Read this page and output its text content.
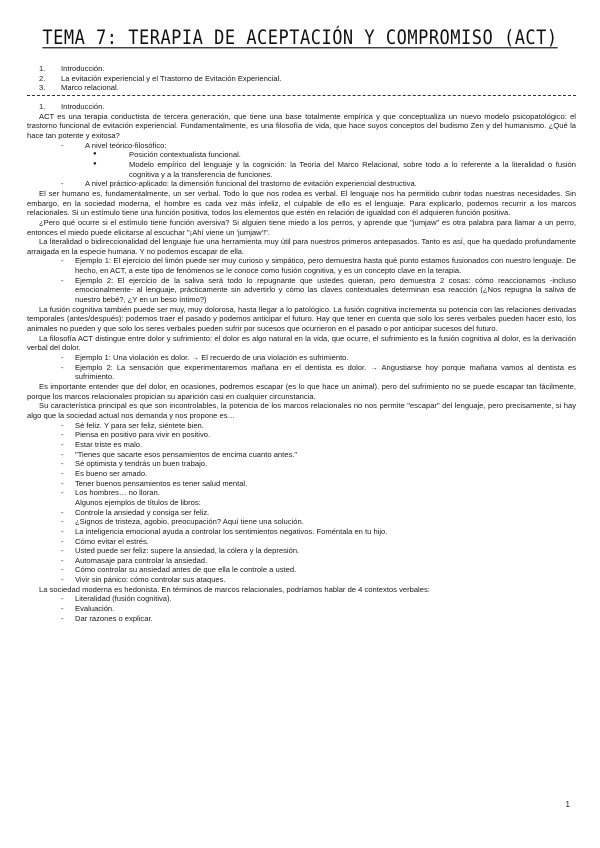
TEMA 7: TERAPIA DE ACEPTACIÓN Y COMPROMISO (ACT)
1. Introducción.
2. La evitación experiencial y el Trastorno de Evitación Experiencial.
3. Marco relacional.
1. Introducción.

ACT es una terapia conductista de tercera generación, que tiene una base totalmente empírica y que conceptualiza un nuevo modelo psicopatológico: el trastorno funcional de evitación experiencial. Fundamentalmente, es una filosofía de vida, que hace suyos conceptos del budismo Zen y del humanismo. ¿Qué la hace tan potente y exitosa?

- A nivel teórico-filosófico:
● Posición contextualista funcional.
● Modelo empírico del lenguaje y la cognición: la Teoría del Marco Relacional, sobre todo a lo referente a la literalidad o fusión cognitiva y a la transferencia de funciones.
- A nivel práctico-aplicado: la dimensión funcional del trastorno de evitación experiencial destructiva.

El ser humano es, fundamentalmente, un ser verbal. Todo lo que nos rodea es verbal. El lenguaje nos ha permitido cubrir todas nuestras necesidades. Sin embargo, en la sociedad moderna, el hombre es cada vez más infeliz, el culpable de ello es el lenguaje. Para explicarlo, podemos recurrir a los marcos relacionales. Si un estímulo tiene una función positiva, todos los elementos que estén en relación de igualdad con él adquieren función positiva.

¿Pero qué ocurre si el estímulo tiene función aversiva? Si alguien tiene miedo a los perros, y aprende que "jumjaw" es otra palabra para llamar a un perro, entonces el miedo puede elicitarse al escuchar "¡Ahí viene un 'jumjaw'!".

La literalidad o bidireccionalidad del lenguaje fue una herramienta muy útil para nuestros primeros antepasados. Tanto es así, que ha quedado profundamente arraigada en la especie humana. Y no podemos escapar de ella.

- Ejemplo 1: El ejercicio del limón puede ser muy curioso y simpático, pero demuestra hasta qué punto estamos fusionados con nuestro lenguaje. De hecho, en ACT, a este tipo de fenómenos se le conoce como fusión cognitiva, y es un concepto clave en la terapia.
- Ejemplo 2: El ejercicio de la saliva será todo lo repugnante que ustedes quieran, pero demuestra 2 cosas: cómo reaccionamos -incluso emocionalmente- al lenguaje, prácticamente sin advertirlo y cómo las claves contextuales determinan esa reacción (¿Nos repugna la saliva de nuestro bebé?, ¿Y en un beso íntimo?)

La fusión cognitiva también puede ser muy, muy dolorosa, hasta llegar a lo patológico. La fusión cognitiva incrementa su potencia con las relaciones derivadas temporales (antes/después): podemos traer el pasado y podemos anticipar el futuro. Hay que tener en cuenta que solo los seres verbales pueden hacer esto, los animales no pueden y que solo los seres verbales pueden sufrir por sucesos que ocurrieron en el pasado o por anticipar sucesos del futuro.

La filosofía ACT distingue entre dolor y sufrimiento: el dolor es algo natural en la vida, que ocurre, el sufrimiento es la fusión cognitiva al dolor, es la derivación verbal del dolor.

- Ejemplo 1: Una violación es dolor. → El recuerdo de una violación es sufrimiento.
- Ejemplo 2: La sensación que experimentaremos mañana en el dentista es dolor. → Angustiarse hoy porque mañana vamos al dentista es sufrimiento.

Es importante entender que del dolor, en ocasiones, podremos escapar (es lo que hace un animal). pero del sufrimiento no se puede escapar tan fácilmente, porque los marcos relacionales propician su aparición casi en cualquier circunstancia.

Su característica principal es que son incontrolables, la potencia de los marcos relacionales no nos permite "escapar" del lenguaje, pero precisamente, si hay algo que la sociedad actual nos demanda y nos propone es…

- Sé feliz. Y para ser feliz, siéntete bien.
- Piensa en positivo para vivir en positivo.
- Estar triste es malo.
- "Tienes que sacarte esos pensamientos de encima cuanto antes."
- Sé optimista y tendrás un buen trabajo.
- Es bueno ser amado.
- Tener buenos pensamientos es tener salud mental.
- Los hombres… no lloran.
Algunos ejemplos de títulos de libros:
- Controle la ansiedad y consiga ser feliz.
- ¿Signos de tristeza, agobio, preocupación? Aquí tiene una solución.
- La inteligencia emocional ayuda a controlar los sentimientos negativos. Foméntala en tu hijo.
- Cómo evitar el estrés.
- Usted puede ser feliz: supere la ansiedad, la cólera y la depresión.
- Automasaje para controlar la ansiedad.
- Cómo controlar su ansiedad antes de que ella le controle a usted.
- Vivir sin pánico: cómo controlar sus ataques.

La sociedad moderna es hedonista. En términos de marcos relacionales, podríamos hablar de 4 contextos verbales:

- Literalidad (fusión cognitiva).
- Evaluación.
- Dar razones o explicar.
1
